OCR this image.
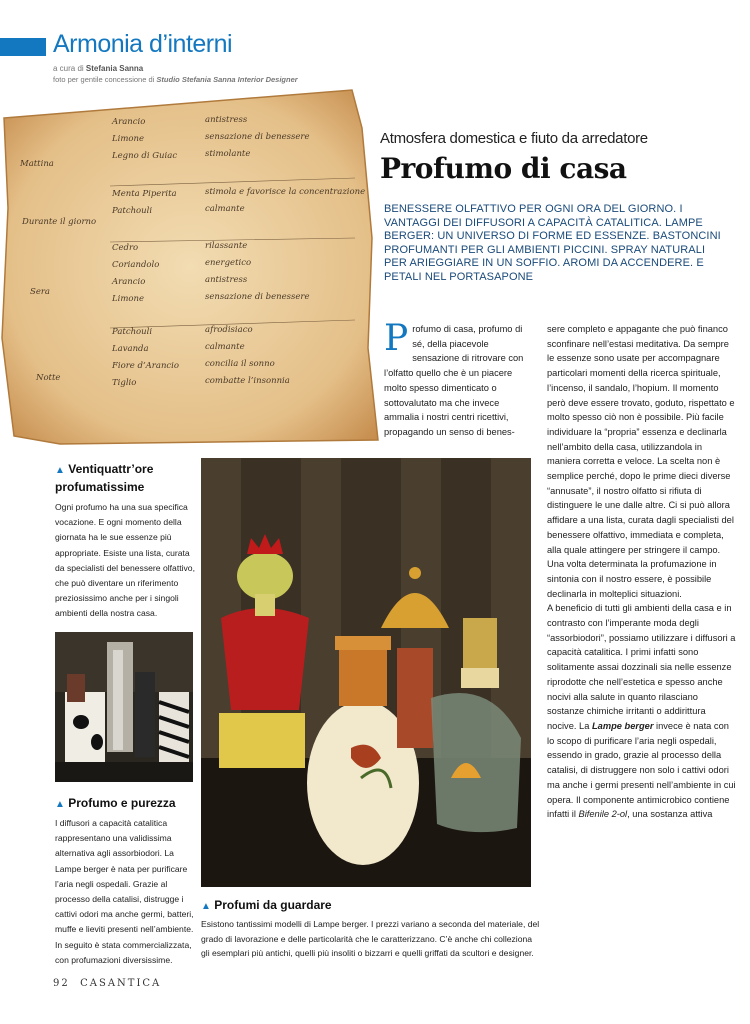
Armonia d’interni
a cura di Stefania Sanna
foto per gentile concessione di Studio Stefania Sanna Interior Designer
Mattina
Arancio
Limone
Legno di Guiac
antistress
sensazione di benessere
stimolante
Durante il giorno
Menta Piperita
Patchouli
stimola e favorisce la concentrazione
calmante
Sera
Cedro
Coriandolo
Arancio
Limone
rilassante
energetico
antistress
sensazione di benessere
Notte
Patchouli
Lavanda
Fiore d’Arancio
Tiglio
afrodisiaco
calmante
concilia il sonno
combatte l’insonnia
Atmosfera domestica e fiuto da arredatore
Profumo di casa
BENESSERE OLFATTIVO PER OGNI ORA DEL GIORNO. I VANTAGGI DEI DIFFUSORI A CAPACITÀ CATALITICA. LAMPE BERGER: UN UNIVERSO DI FORME ED ESSENZE. BASTONCINI PROFUMANTI PER GLI AMBIENTI PICCINI. SPRAY NATURALI PER ARIEGGIARE IN UN SOFFIO. AROMI DA ACCENDERE. E PETALI NEL PORTASAPONE
Profumo di casa, profumo di sé, della piacevole sensazione di ritrovare con l’olfatto quello che è un piacere molto spesso dimenticato o sottovalutato ma che invece ammalia i nostri centri ricettivi, propagando un senso di benes-
sere completo e appagante che può financo sconfinare nell’estasi meditativa. Da sempre le essenze sono usate per accompagnare particolari momenti della ricerca spirituale, l’incenso, il sandalo, l’hopium. Il momento però deve essere trovato, goduto, rispettato e molto spesso ciò non è possibile. Più facile individuare la “propria” essenza e declinarla nell’ambito della casa, utilizzandola in maniera corretta e veloce. La scelta non è semplice perché, dopo le prime dieci diverse “annusate”, il nostro olfatto si rifiuta di distinguere le une dalle altre. Ci si può allora affidare a una lista, curata dagli specialisti del benessere olfattivo, immediata e completa, alla quale attingere per stringere il campo. Una volta determinata la profumazione in sintonia con il nostro essere, è possibile declinarla in molteplici situazioni.
A beneficio di tutti gli ambienti della casa e in contrasto con l’imperante moda degli “assorbiodori”, possiamo utilizzare i diffusori a capacità catalitica. I primi infatti sono solitamente assai dozzinali sia nelle essenze riprodotte che nell’estetica e spesso anche nocivi alla salute in quanto rilasciano sostanze chimiche irritanti o addirittura nocive. La Lampe berger invece è nata con lo scopo di purificare l’aria negli ospedali, essendo in grado, grazie al processo della catalisi, di distruggere non solo i cattivi odori ma anche i germi presenti nell’ambiente in cui opera. Il componente antimicrobico contiene infatti il Bifenile 2-ol, una sostanza attiva
▲ Ventiquattr’ore profumatissime
Ogni profumo ha una sua specifica vocazione. E ogni momento della giornata ha le sue essenze più appropriate. Esiste una lista, curata da specialisti del benessere olfattivo, che può diventare un riferimento preziosissimo anche per i singoli ambienti della nostra casa.
▲ Profumo e purezza
I diffusori a capacità catalitica rappresentano una validissima alternativa agli assorbiodori. La Lampe berger è nata per purificare l’aria negli ospedali. Grazie al processo della catalisi, distrugge i cattivi odori ma anche germi, batteri, muffe e lieviti presenti nell’ambiente. In seguito è stata commercializzata, con profumazioni diversissime.
▲ Profumi da guardare
Esistono tantissimi modelli di Lampe berger. I prezzi variano a seconda del materiale, del grado di lavorazione e delle particolarità che le caratterizzano. C’è anche chi colleziona gli esemplari più antichi, quelli più insoliti o bizzarri e quelli griffati da scultori e designer.
92 CASANTICA
